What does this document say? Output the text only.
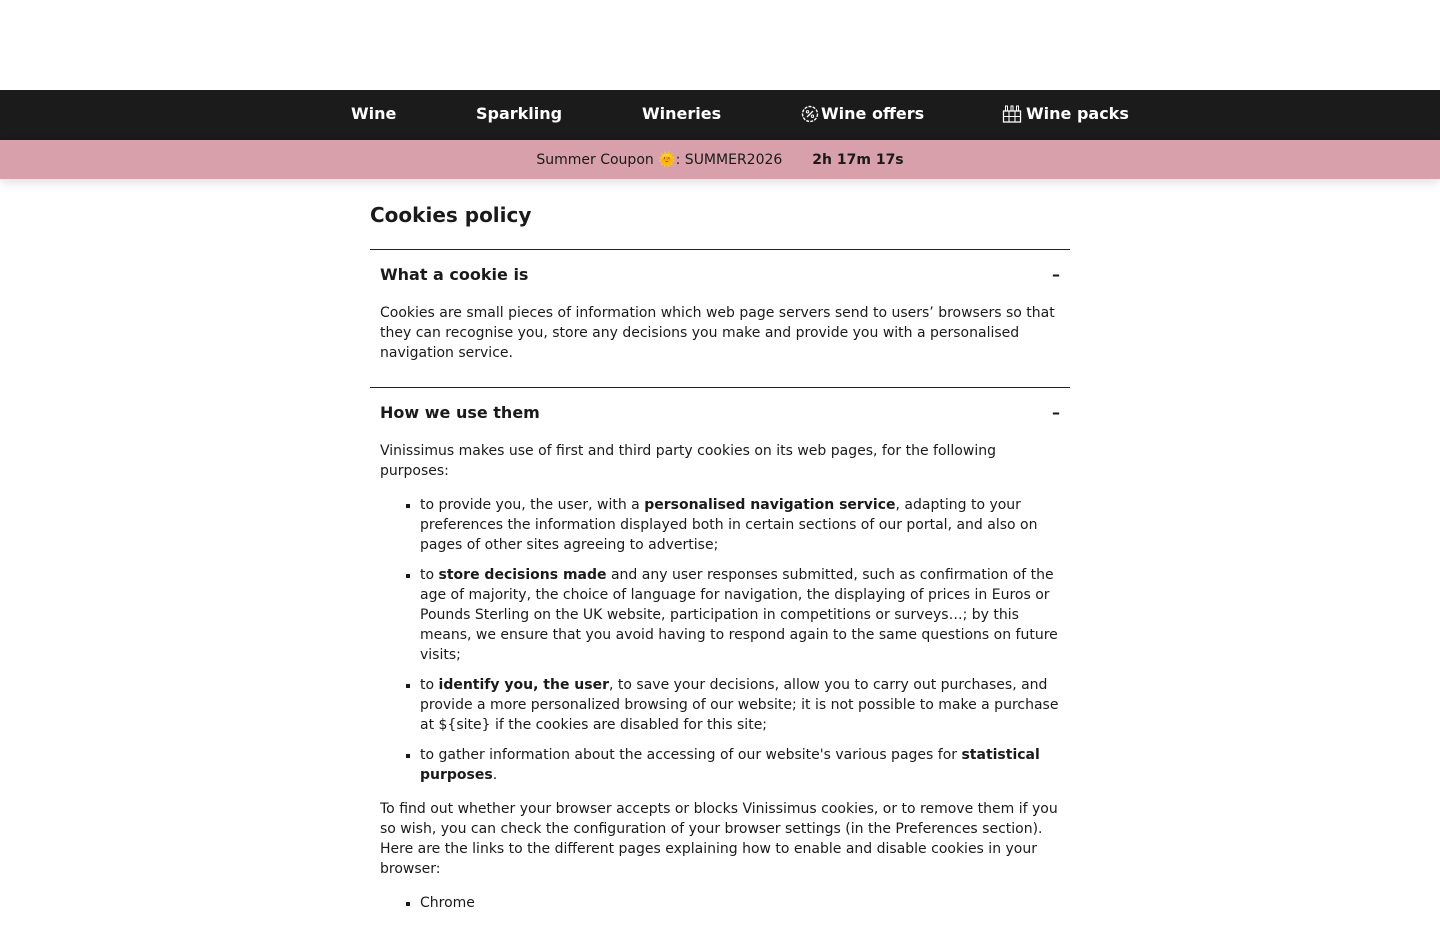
Wine	Sparkling	Wineries	Wine offers	Wine packs
Summer Coupon 🌞: SUMMER2026 2h 17m 17s
Cookies policy
What a cookie is	–

Cookies are small pieces of information which web page servers send to users’ browsers so that they can recognise you, store any decisions you make and provide you with a personalised navigation service.

How we use them	–

Vinissimus makes use of first and third party cookies on its web pages, for the following purposes:

▪ to provide you, the user, with a personalised navigation service, adapting to your preferences the information displayed both in certain sections of our portal, and also on pages of other sites agreeing to advertise;
▪ to store decisions made and any user responses submitted, such as confirmation of the age of majority, the choice of language for navigation, the displaying of prices in Euros or Pounds Sterling on the UK website, participation in competitions or surveys…; by this means, we ensure that you avoid having to respond again to the same questions on future visits;
▪ to identify you, the user, to save your decisions, allow you to carry out purchases, and provide a more personalized browsing of our website; it is not possible to make a purchase at ${site} if the cookies are disabled for this site;
▪ to gather information about the accessing of our website's various pages for statistical purposes.

To find out whether your browser accepts or blocks Vinissimus cookies, or to remove them if you so wish, you can check the configuration of your browser settings (in the Preferences section). Here are the links to the different pages explaining how to enable and disable cookies in your browser:

▪ Chrome
